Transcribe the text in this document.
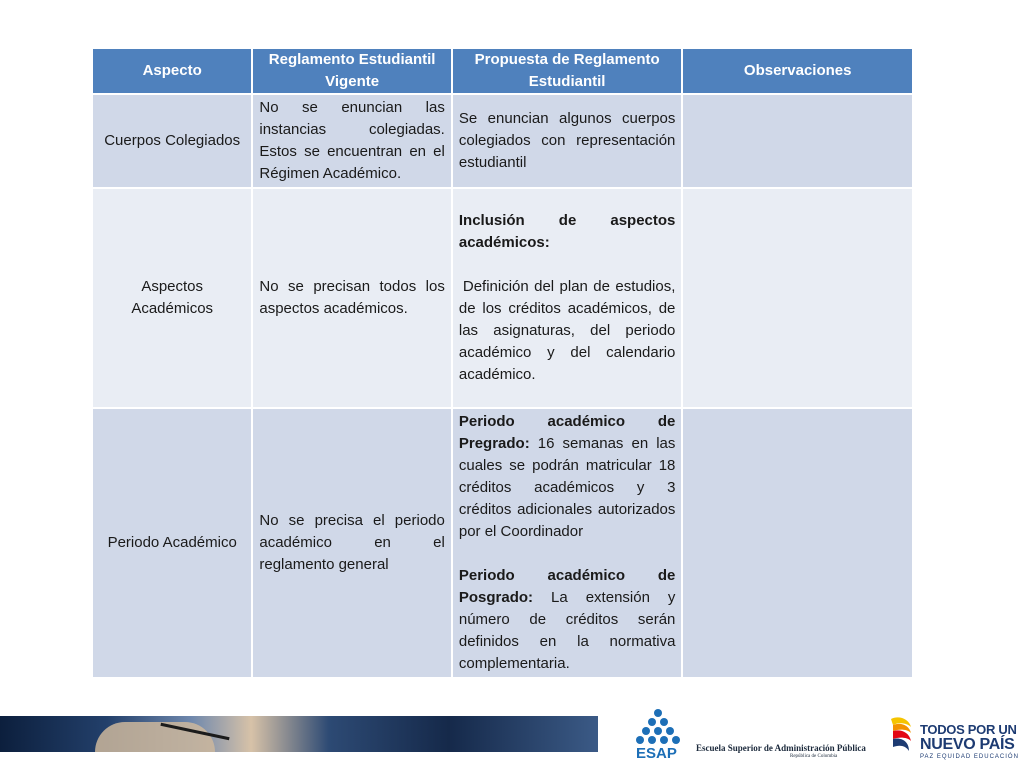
Aspecto	Reglamento Estudiantil Vigente	Propuesta de Reglamento Estudiantil	Observaciones
Cuerpos Colegiados	No se enuncian las instancias colegiadas. Estos se encuentran en el Régimen Académico.	Se enuncian algunos cuerpos colegiados con representación estudiantil	
Aspectos Académicos	No se precisan todos los aspectos académicos.	Inclusión de aspectos académicos:
Definición del plan de estudios, de los créditos académicos, de las asignaturas, del periodo académico y del calendario académico.	

Periodo Académico	No se precisa el periodo académico en el reglamento general	Periodo académico de Pregrado: 16 semanas en las cuales se podrán matricular 18 créditos académicos y 3 créditos adicionales autorizados por el Coordinador
Periodo académico de Posgrado: La extensión y número de créditos serán definidos en la normativa complementaria.	

ESAP Escuela Superior de Administración Pública
República de Colombia
TODOS POR UN
NUEVO PAÍS
PAZ EQUIDAD EDUCACIÓN
